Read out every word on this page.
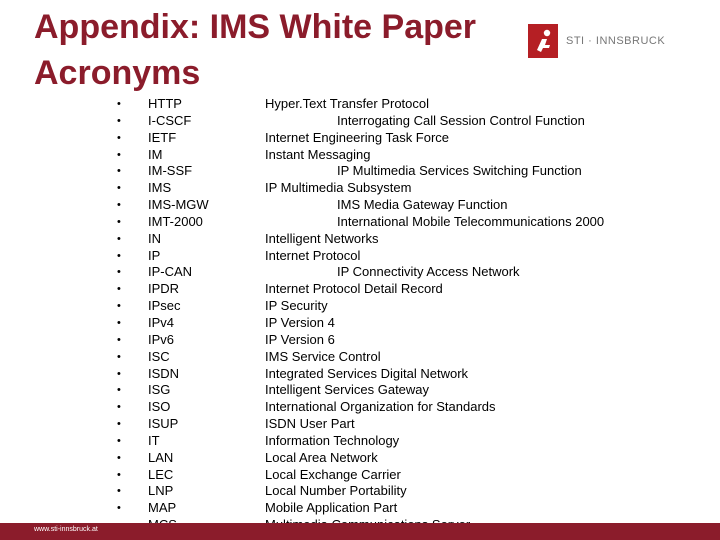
Appendix: IMS White Paper
Acronyms
STI · INNSBRUCK
• HTTP	Hyper.Text Transfer Protocol
• I-CSCF	Interrogating Call Session Control Function
• IETF	Internet Engineering Task Force
• IM	Instant Messaging
• IM-SSF	IP Multimedia Services Switching Function
• IMS	IP Multimedia Subsystem
• IMS-MGW	IMS Media Gateway Function
• IMT-2000	International Mobile Telecommunications 2000
• IN	Intelligent Networks
• IP	Internet Protocol
• IP-CAN	IP Connectivity Access Network
• IPDR	Internet Protocol Detail Record
• IPsec	IP Security
• IPv4	IP Version 4
• IPv6	IP Version 6
• ISC	IMS Service Control
• ISDN	Integrated Services Digital Network
• ISG	Intelligent Services Gateway
• ISO	International Organization for Standards
• ISUP	ISDN User Part
• IT	Information Technology
• LAN	Local Area Network
• LEC	Local Exchange Carrier
• LNP	Local Number Portability
• MAP	Mobile Application Part
www.sti-innsbruck.at
